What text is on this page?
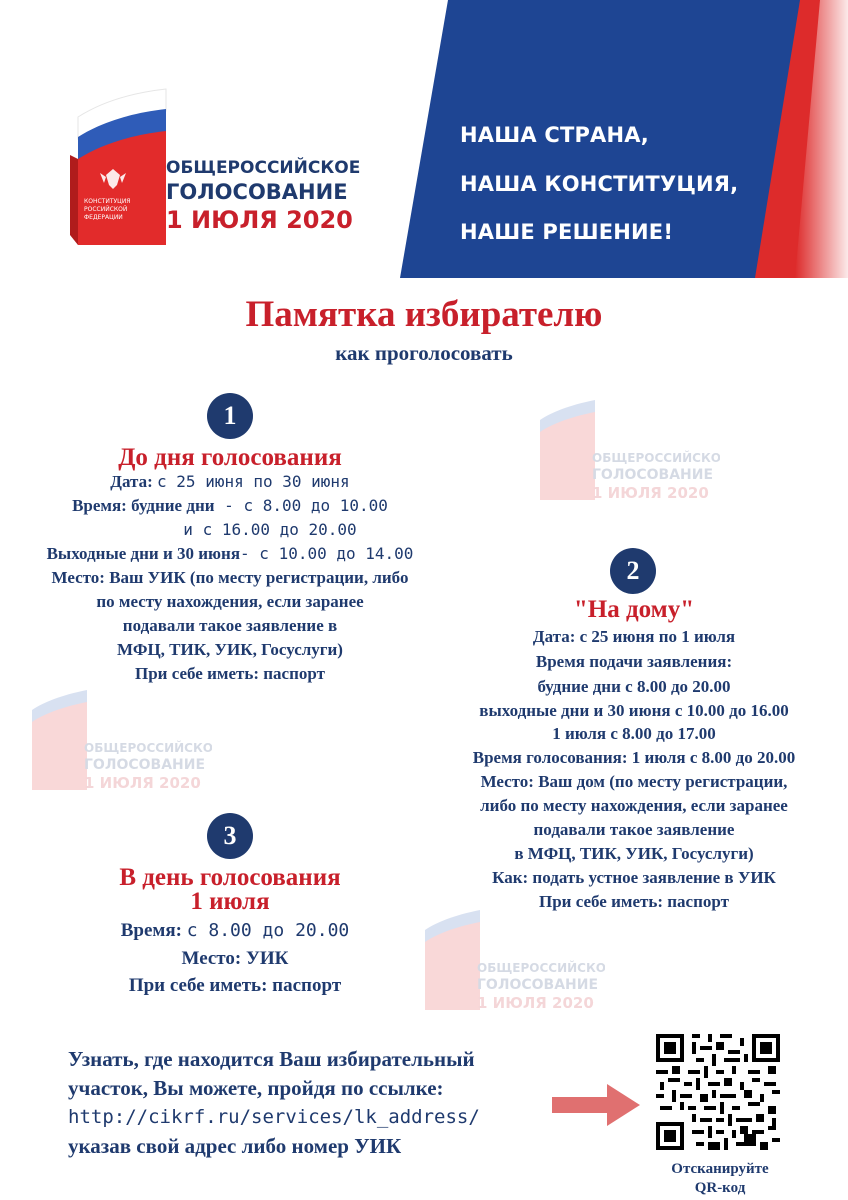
НАША СТРАНА,
НАША КОНСТИТУЦИЯ,
НАШЕ РЕШЕНИЕ!
КОНСТИТУЦИЯ
РОССИЙСКОЙ
ФЕДЕРАЦИИ
ОБЩЕРОССИЙСКОЕ
ГОЛОСОВАНИЕ
1 ИЮЛЯ 2020
Памятка избирателю
как проголосовать
ОБЩЕРОССИЙСКОЕ
ГОЛОСОВАНИЕ
1 ИЮЛЯ 2020
ОБЩЕРОССИЙСКОЕ
ГОЛОСОВАНИЕ
1 ИЮЛЯ 2020
ОБЩЕРОССИЙСКОЕ
ГОЛОСОВАНИЕ
1 ИЮЛЯ 2020
1
До дня голосования
Дата: с 25 июня по 30 июня
Время: будние дни - с 8.00 до 10.00
и с 16.00 до 20.00
Выходные дни и 30 июня- с 10.00 до 14.00
Место: Ваш УИК (по месту регистрации, либо
по месту нахождения, если заранее
подавали такое заявление в
МФЦ, ТИК, УИК, Госуслуги)
При себе иметь: паспорт
2
"На дому"
Дата: с 25 июня по 1 июля
Время подачи заявления:
будние дни с 8.00 до 20.00
выходные дни и 30 июня с 10.00 до 16.00
1 июля с 8.00 до 17.00
Время голосования: 1 июля с 8.00 до 20.00
Место: Ваш дом (по месту регистрации,
либо по месту нахождения, если заранее
подавали такое заявление
в МФЦ, ТИК, УИК, Госуслуги)
Как: подать устное заявление в УИК
При себе иметь: паспорт
3
В день голосования
1 июля
Время: с 8.00 до 20.00
Место: УИК
При себе иметь: паспорт
Узнать, где находится Ваш избирательный
участок, Вы можете, пройдя по ссылке:
http://cikrf.ru/services/lk_address/
указав свой адрес либо номер УИК
Отсканируйте
QR-код
